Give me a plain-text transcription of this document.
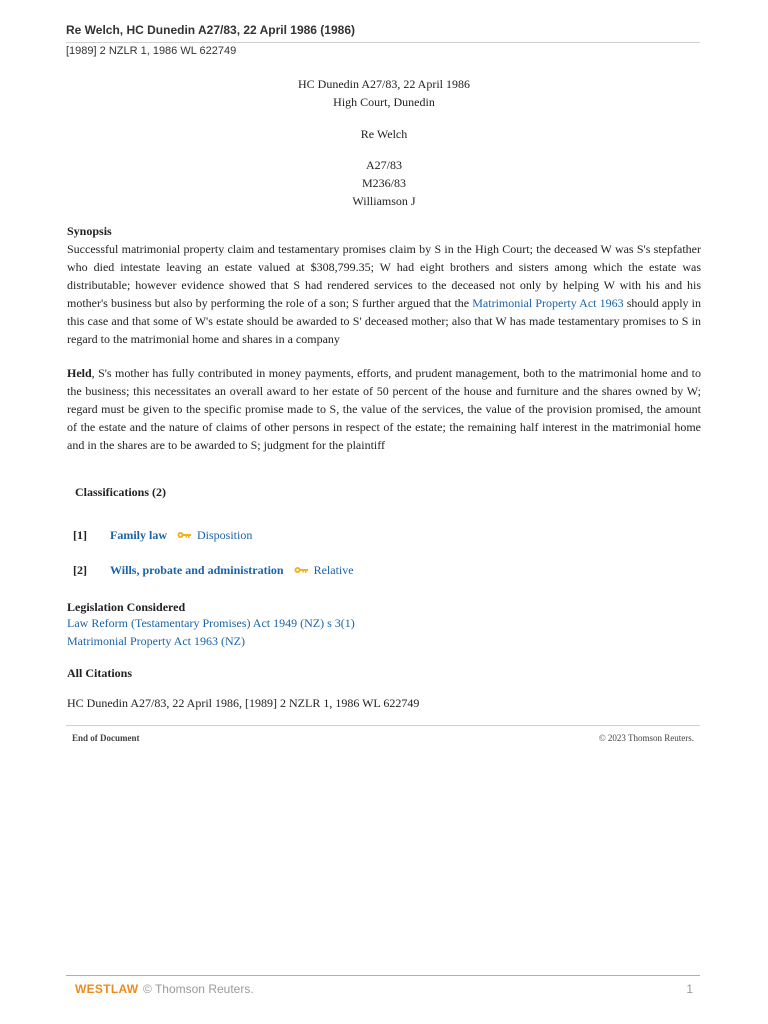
Re Welch, HC Dunedin A27/83, 22 April 1986 (1986)
[1989] 2 NZLR 1, 1986 WL 622749
HC Dunedin A27/83, 22 April 1986
High Court, Dunedin
Re Welch
A27/83
M236/83
Williamson J
Synopsis
Successful matrimonial property claim and testamentary promises claim by S in the High Court; the deceased W was S's stepfather who died intestate leaving an estate valued at $308,799.35; W had eight brothers and sisters among which the estate was distributable; however evidence showed that S had rendered services to the deceased not only by helping W with his and his mother's business but also by performing the role of a son; S further argued that the Matrimonial Property Act 1963 should apply in this case and that some of W's estate should be awarded to S' deceased mother; also that W has made testamentary promises to S in regard to the matrimonial home and shares in a company
Held, S's mother has fully contributed in money payments, efforts, and prudent management, both to the matrimonial home and to the business; this necessitates an overall award to her estate of 50 percent of the house and furniture and the shares owned by W; regard must be given to the specific promise made to S, the value of the services, the value of the provision promised, the amount of the estate and the nature of claims of other persons in respect of the estate; the remaining half interest in the matrimonial home and in the shares are to be awarded to S; judgment for the plaintiff
Classifications (2)
[1]	Family law	Disposition
[2]	Wills, probate and administration	Relative
Legislation Considered
Law Reform (Testamentary Promises) Act 1949 (NZ) s 3(1)
Matrimonial Property Act 1963 (NZ)
All Citations
HC Dunedin A27/83, 22 April 1986, [1989] 2 NZLR 1, 1986 WL 622749
End of Document	© 2023 Thomson Reuters.
WESTLAW © Thomson Reuters.	1
